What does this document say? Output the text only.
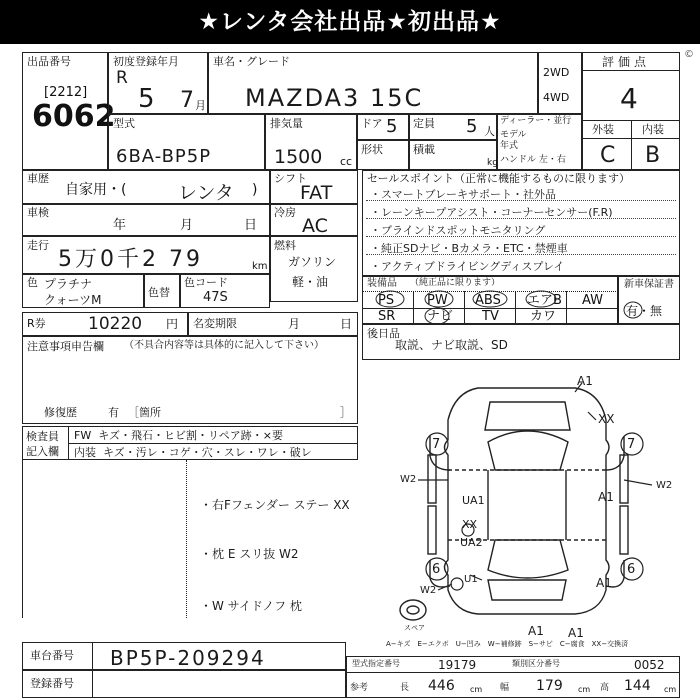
★レンタ会社出品★初出品★
©
出品番号
[2212]
6062
初度登録年月
R
5 7 月
車名・グレード
MAZDA3 15C
2WD
4WD
評価点
4
外装	内装
C B
型式
6BA-BP5P
排気量
1500 cc
ドア 5 定員 5 人
ディーラー・並行
モデル
年式
ハンドル 左・右
形状	積載
kg
車歴
自家用・(	レンタ )
シフト
FAT
車検
年	月	日
冷房
AC
走行
5万0千2 79	km
燃料
ガソリン
軽・油
色 プラチナ
クォーツM
色替
色コード
47S
R券 10220 円 名変期限	月	日
注意事項申告欄 （不具合内容等は具体的に記入して下さい）
修復歴	有 ［箇所	］
セールスポイント（正常に機能するものに限ります）
・スマートブレーキサポート・社外品
・レーンキープアシスト・コーナーセンサー(F.R)
・ブラインドスポットモニタリング
・純正SDナビ・Bカメラ・ETC・禁煙車
・アクティブドライビングディスプレイ
装備品 （純正品に限ります）
PS	PW ABS エアB AW
SR ナビ TV カワ
新車保証書
有・無
後日品
取説、ナビ取説、SD
検査員
記入欄
FW キズ・飛石・ヒビ割・リペア跡・×要
内装 キズ・汚レ・コゲ・穴・スレ・ワレ・破レ
・右Fフェンダー ステー XX
・枕 E スリ抜 W2
・W サイドノフ 枕
A1
XX
7	7
W2
W2
UA1	A1
XX
UA2
6	6
U1	A1
W2
A1 A1
スペア
A−キズ　E−エクボ　U−凹み　W−補修跡　S−サビ　C−腐食　XX−交換済
車台番号 BP5P-209294
登録番号
型式指定番号	19179	類別区分番号	0052
参考	長 446 cm 幅 179 cm 高 144 cm
